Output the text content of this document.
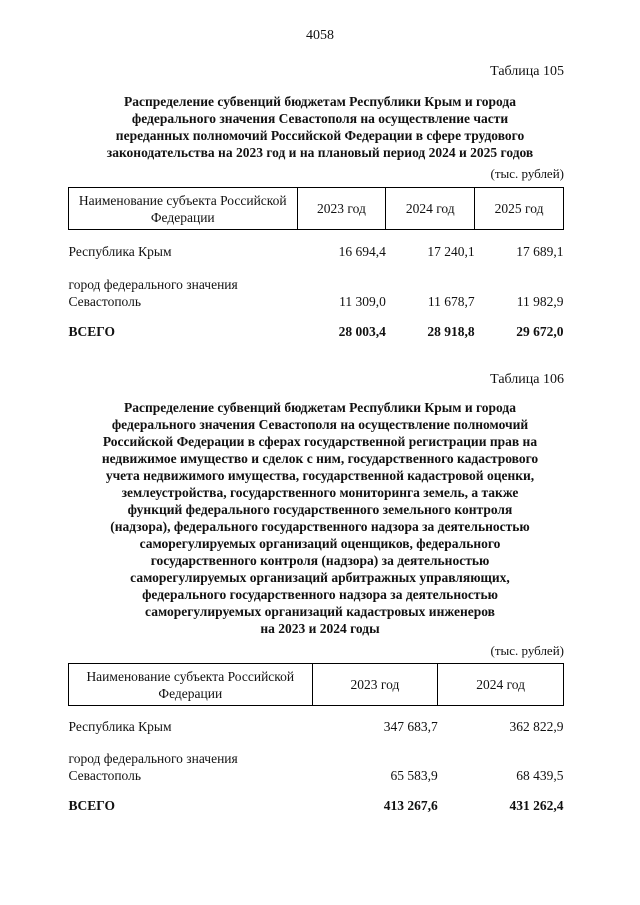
4058
Таблица 105
Распределение субвенций бюджетам Республики Крым и города
федерального значения Севастополя на осуществление части
переданных полномочий Российской Федерации в сфере трудового
законодательства на 2023 год и на плановый период 2024 и 2025 годов
(тыс. рублей)
Наименование субъекта Российской Федерации	2023 год	2024 год	2025 год
Республика Крым	16 694,4	17 240,1	17 689,1
город федерального значения Севастополь	11 309,0	11 678,7	11 982,9
ВСЕГО	28 003,4	28 918,8	29 672,0
Таблица 106
Распределение субвенций бюджетам Республики Крым и города
федерального значения Севастополя на осуществление полномочий
Российской Федерации в сферах государственной регистрации прав на
недвижимое имущество и сделок с ним, государственного кадастрового
учета недвижимого имущества, государственной кадастровой оценки,
землеустройства, государственного мониторинга земель, а также
функций федерального государственного земельного контроля
(надзора), федерального государственного надзора за деятельностью
саморегулируемых организаций оценщиков, федерального
государственного контроля (надзора) за деятельностью
саморегулируемых организаций арбитражных управляющих,
федерального государственного надзора за деятельностью
саморегулируемых организаций кадастровых инженеров
на 2023 и 2024 годы
(тыс. рублей)
Наименование субъекта Российской Федерации	2023 год	2024 год
Республика Крым	347 683,7	362 822,9
город федерального значения Севастополь	65 583,9	68 439,5
ВСЕГО	413 267,6	431 262,4
